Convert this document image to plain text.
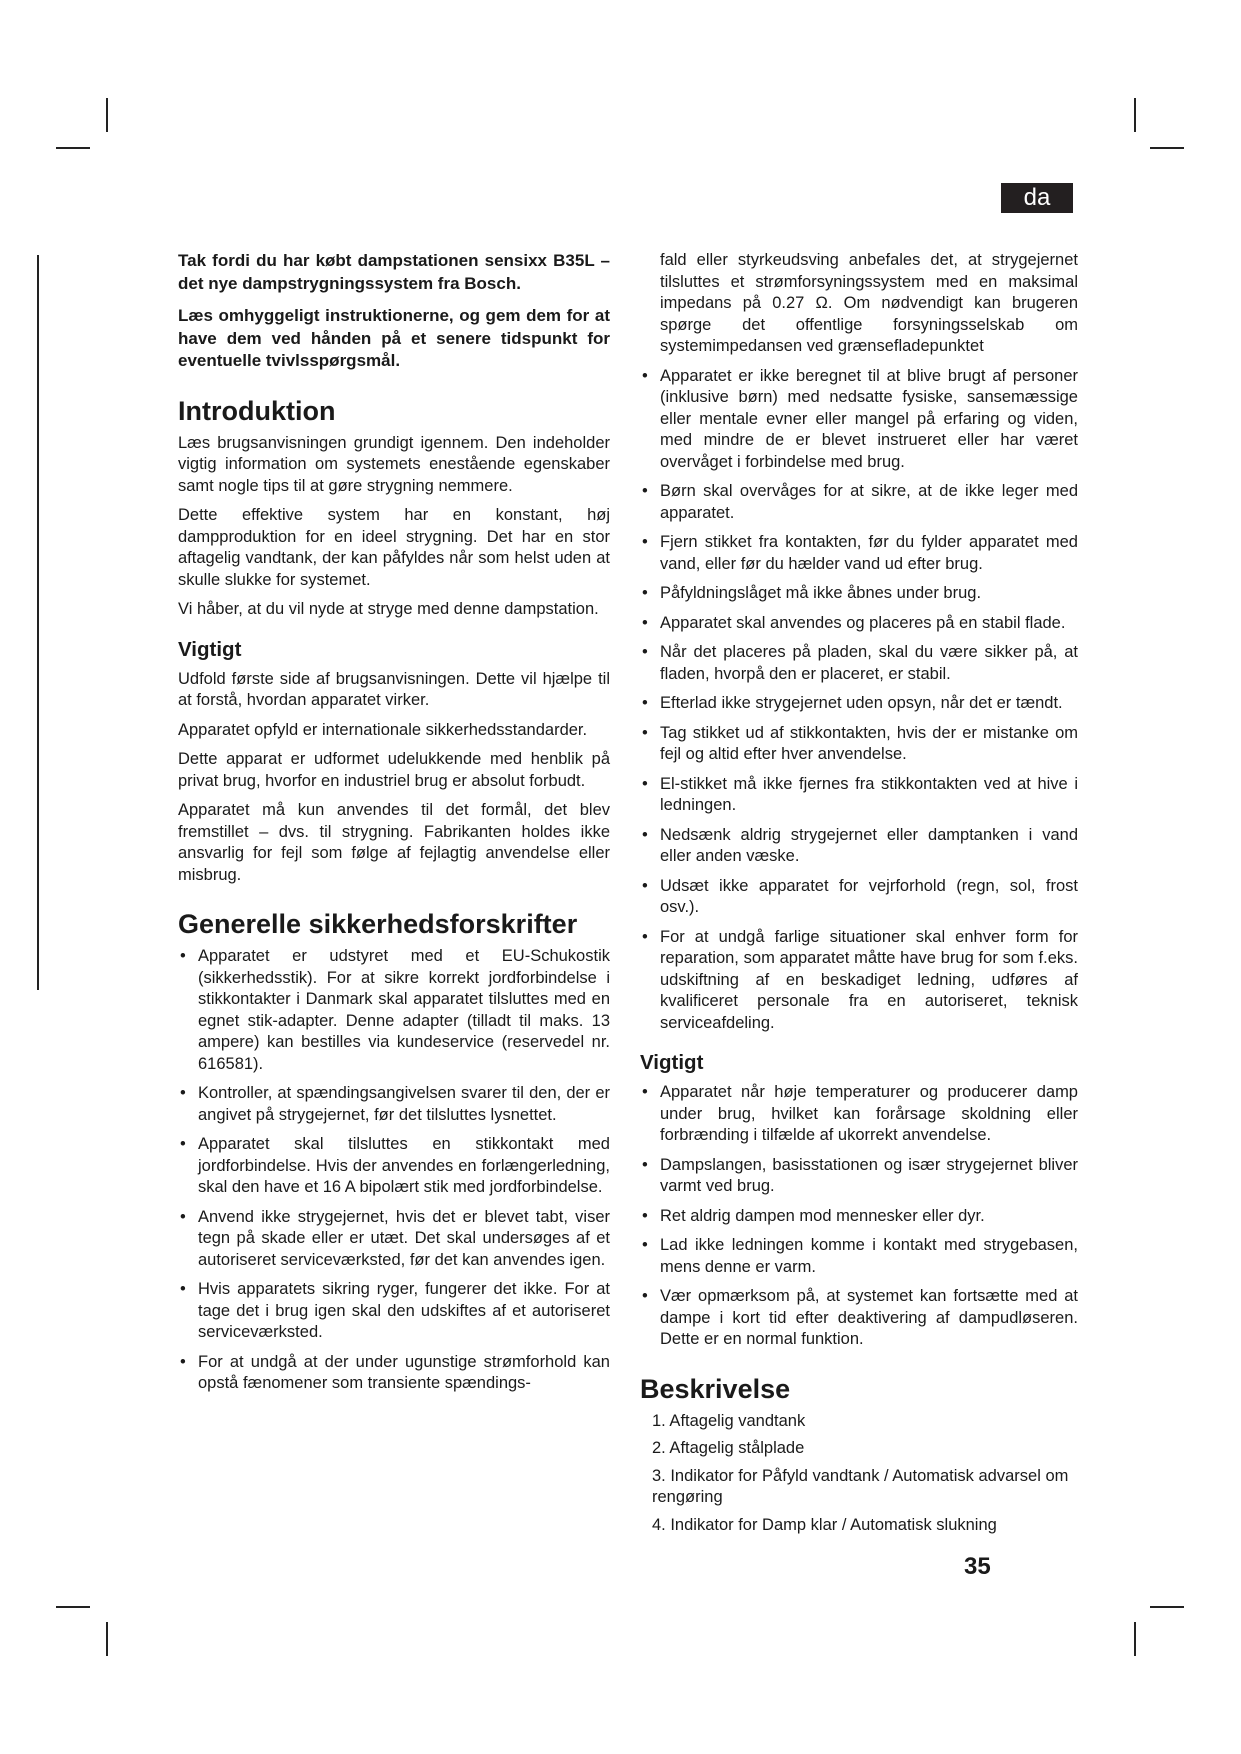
da

Tak fordi du har købt dampstationen sensixx B35L – det nye dampstrygningssystem fra Bosch.

Læs omhyggeligt instruktionerne, og gem dem for at have dem ved hånden på et senere tidspunkt for eventuelle tvivlsspørgsmål.

Introduktion

Læs brugsanvisningen grundigt igennem. Den indeholder vigtig information om systemets enestående egenskaber samt nogle tips til at gøre strygning nemmere.

Dette effektive system har en konstant, høj dampproduktion for en ideel strygning. Det har en stor aftagelig vandtank, der kan påfyldes når som helst uden at skulle slukke for systemet.

Vi håber, at du vil nyde at stryge med denne dampstation.

Vigtigt

Udfold første side af brugsanvisningen. Dette vil hjælpe til at forstå, hvordan apparatet virker.

Apparatet opfyld er internationale sikkerhedsstandarder.

Dette apparat er udformet udelukkende med henblik på privat brug, hvorfor en industriel brug er absolut forbudt.

Apparatet må kun anvendes til det formål, det blev fremstillet – dvs. til strygning. Fabrikanten holdes ikke ansvarlig for fejl som følge af fejlagtig anvendelse eller misbrug.

Generelle sikkerhedsforskrifter
• Apparatet er udstyret med et EU-Schukostik (sikkerhedsstik). For at sikre korrekt jordforbindelse i stikkontakter i Danmark skal apparatet tilsluttes med en egnet stik-adapter. Denne adapter (tilladt til maks. 13 ampere) kan bestilles via kundeservice (reservedel nr. 616581).
• Kontroller, at spændingsangivelsen svarer til den, der er angivet på strygejernet, før det tilsluttes lysnettet.
• Apparatet skal tilsluttes en stikkontakt med jordforbindelse. Hvis der anvendes en forlængerledning, skal den have et 16 A bipolært stik med jordforbindelse.
• Anvend ikke strygejernet, hvis det er blevet tabt, viser tegn på skade eller er utæt. Det skal undersøges af et autoriseret serviceværksted, før det kan anvendes igen.
• Hvis apparatets sikring ryger, fungerer det ikke. For at tage det i brug igen skal den udskiftes af et autoriseret serviceværksted.
• For at undgå at der under ugunstige strømforhold kan opstå fænomener som transiente spændings-

fald eller styrkeudsving anbefales det, at strygejernet tilsluttes et strømforsyningssystem med en maksimal impedans på 0.27 Ω. Om nødvendigt kan brugeren spørge det offentlige forsyningsselskab om systemimpedansen ved grænsefladepunktet

• Apparatet er ikke beregnet til at blive brugt af personer (inklusive børn) med nedsatte fysiske, sansemæssige eller mentale evner eller mangel på erfaring og viden, med mindre de er blevet instrueret eller har været overvåget i forbindelse med brug.
• Børn skal overvåges for at sikre, at de ikke leger med apparatet.
• Fjern stikket fra kontakten, før du fylder apparatet med vand, eller før du hælder vand ud efter brug.
• Påfyldningslåget må ikke åbnes under brug.
• Apparatet skal anvendes og placeres på en stabil flade.
• Når det placeres på pladen, skal du være sikker på, at fladen, hvorpå den er placeret, er stabil.
• Efterlad ikke strygejernet uden opsyn, når det er tændt.
• Tag stikket ud af stikkontakten, hvis der er mistanke om fejl og altid efter hver anvendelse.
• El-stikket må ikke fjernes fra stikkontakten ved at hive i ledningen.
• Nedsænk aldrig strygejernet eller damptanken i vand eller anden væske.
• Udsæt ikke apparatet for vejrforhold (regn, sol, frost osv.).
• For at undgå farlige situationer skal enhver form for reparation, som apparatet måtte have brug for som f.eks. udskiftning af en beskadiget ledning, udføres af kvalificeret personale fra en autoriseret, teknisk serviceafdeling.
Vigtigt
• Apparatet når høje temperaturer og producerer damp under brug, hvilket kan forårsage skoldning eller forbrænding i tilfælde af ukorrekt anvendelse.
• Dampslangen, basisstationen og især strygejernet bliver varmt ved brug.
• Ret aldrig dampen mod mennesker eller dyr.
• Lad ikke ledningen komme i kontakt med strygebasen, mens denne er varm.
• Vær opmærksom på, at systemet kan fortsætte med at dampe i kort tid efter deaktivering af dampudløseren. Dette er en normal funktion.
Beskrivelse
1. Aftagelig vandtank
2. Aftagelig stålplade
3. Indikator for Påfyld vandtank / Automatisk advarsel om rengøring
4. Indikator for Damp klar / Automatisk slukning
35
